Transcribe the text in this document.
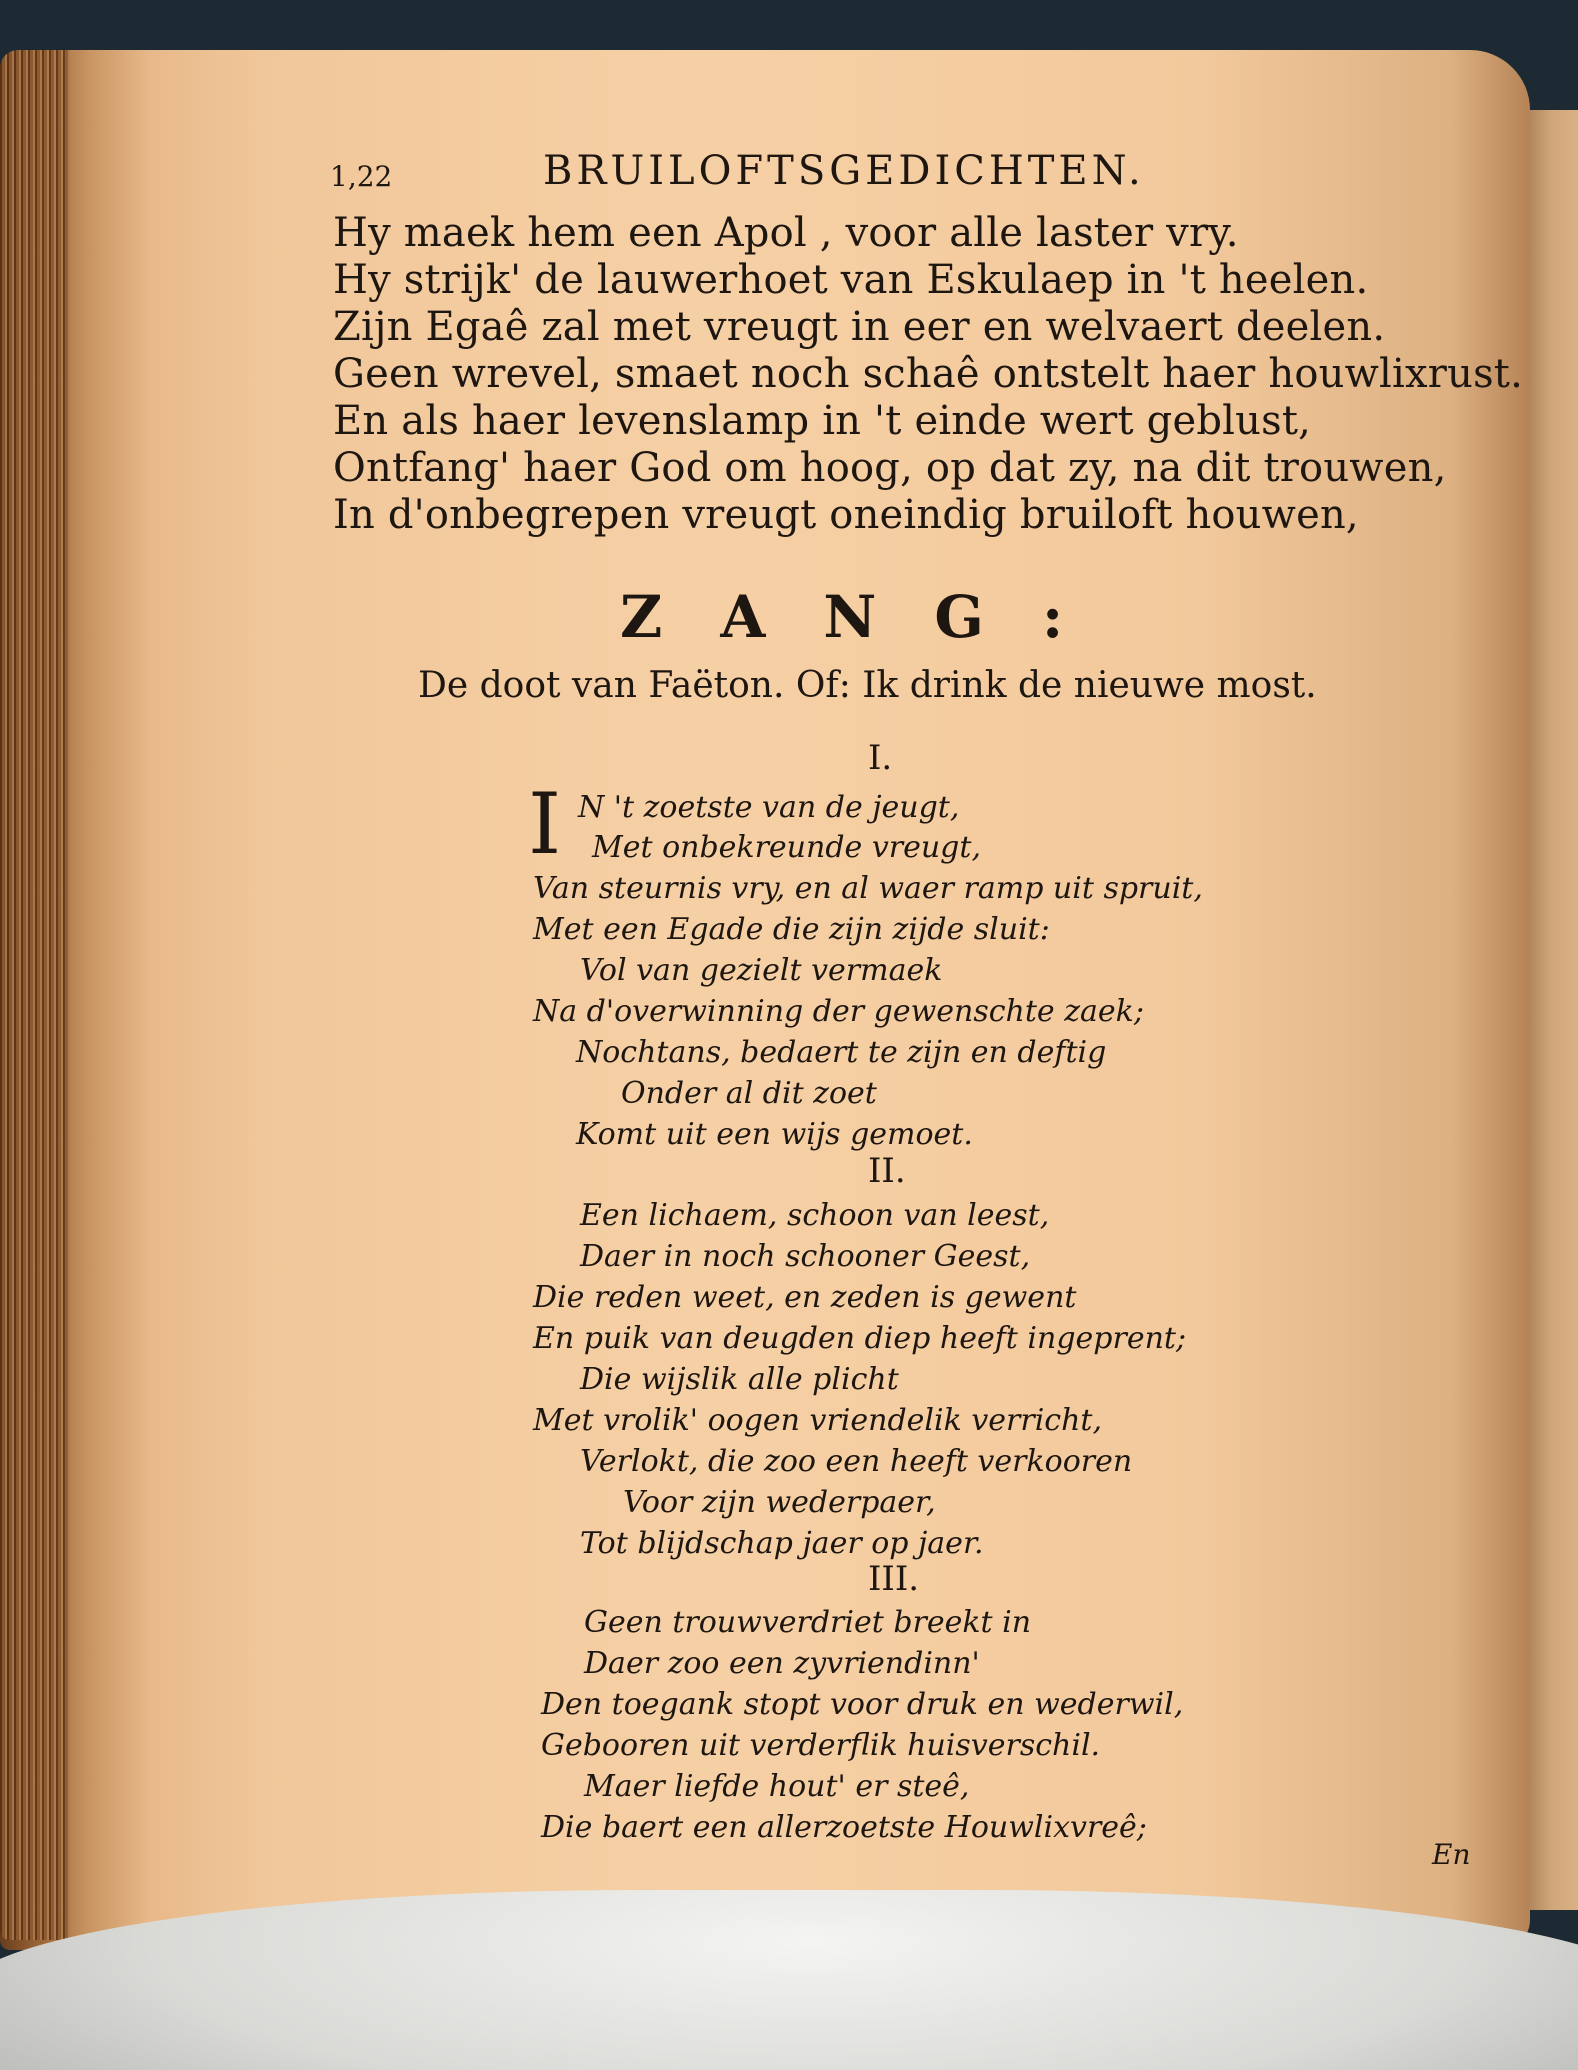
1,22	BRUILOFTSGEDICHTEN.
Hy maek hem een Apol , voor alle laster vry.
Hy strijk' de lauwerhoet van Eskulaep in 't heelen.
Zijn Egaê zal met vreugt in eer en welvaert deelen.
Geen wrevel, smaet noch schaê ontstelt haer houwlixrust.
En als haer levenslamp in 't einde wert geblust,
Ontfang' haer God om hoog, op dat zy, na dit trouwen,
In d'onbegrepen vreugt oneindig bruiloft houwen,
ZANG:
De doot van Faëton. Of: Ik drink de nieuwe most.
I.
I N 't zoetste van de jeugt,
Met onbekreunde vreugt,
Van steurnis vry, en al waer ramp uit spruit,
Met een Egade die zijn zijde sluit:
Vol van gezielt vermaek
Na d'overwinning der gewenschte zaek;
Nochtans, bedaert te zijn en deftig
Onder al dit zoet
Komt uit een wijs gemoet.
II.
Een lichaem, schoon van leest,
Daer in noch schooner Geest,
Die reden weet, en zeden is gewent
En puik van deugden diep heeft ingeprent;
Die wijslik alle plicht
Met vrolik' oogen vriendelik verricht,
Verlokt, die zoo een heeft verkooren
Voor zijn wederpaer,
Tot blijdschap jaer op jaer.
III.
Geen trouwverdriet breekt in
Daer zoo een zyvriendinn'
Den toegank stopt voor druk en wederwil,
Gebooren uit verderflik huisverschil.
Maer liefde hout' er steê,
Die baert een allerzoetste Houwlixvreê;
En
